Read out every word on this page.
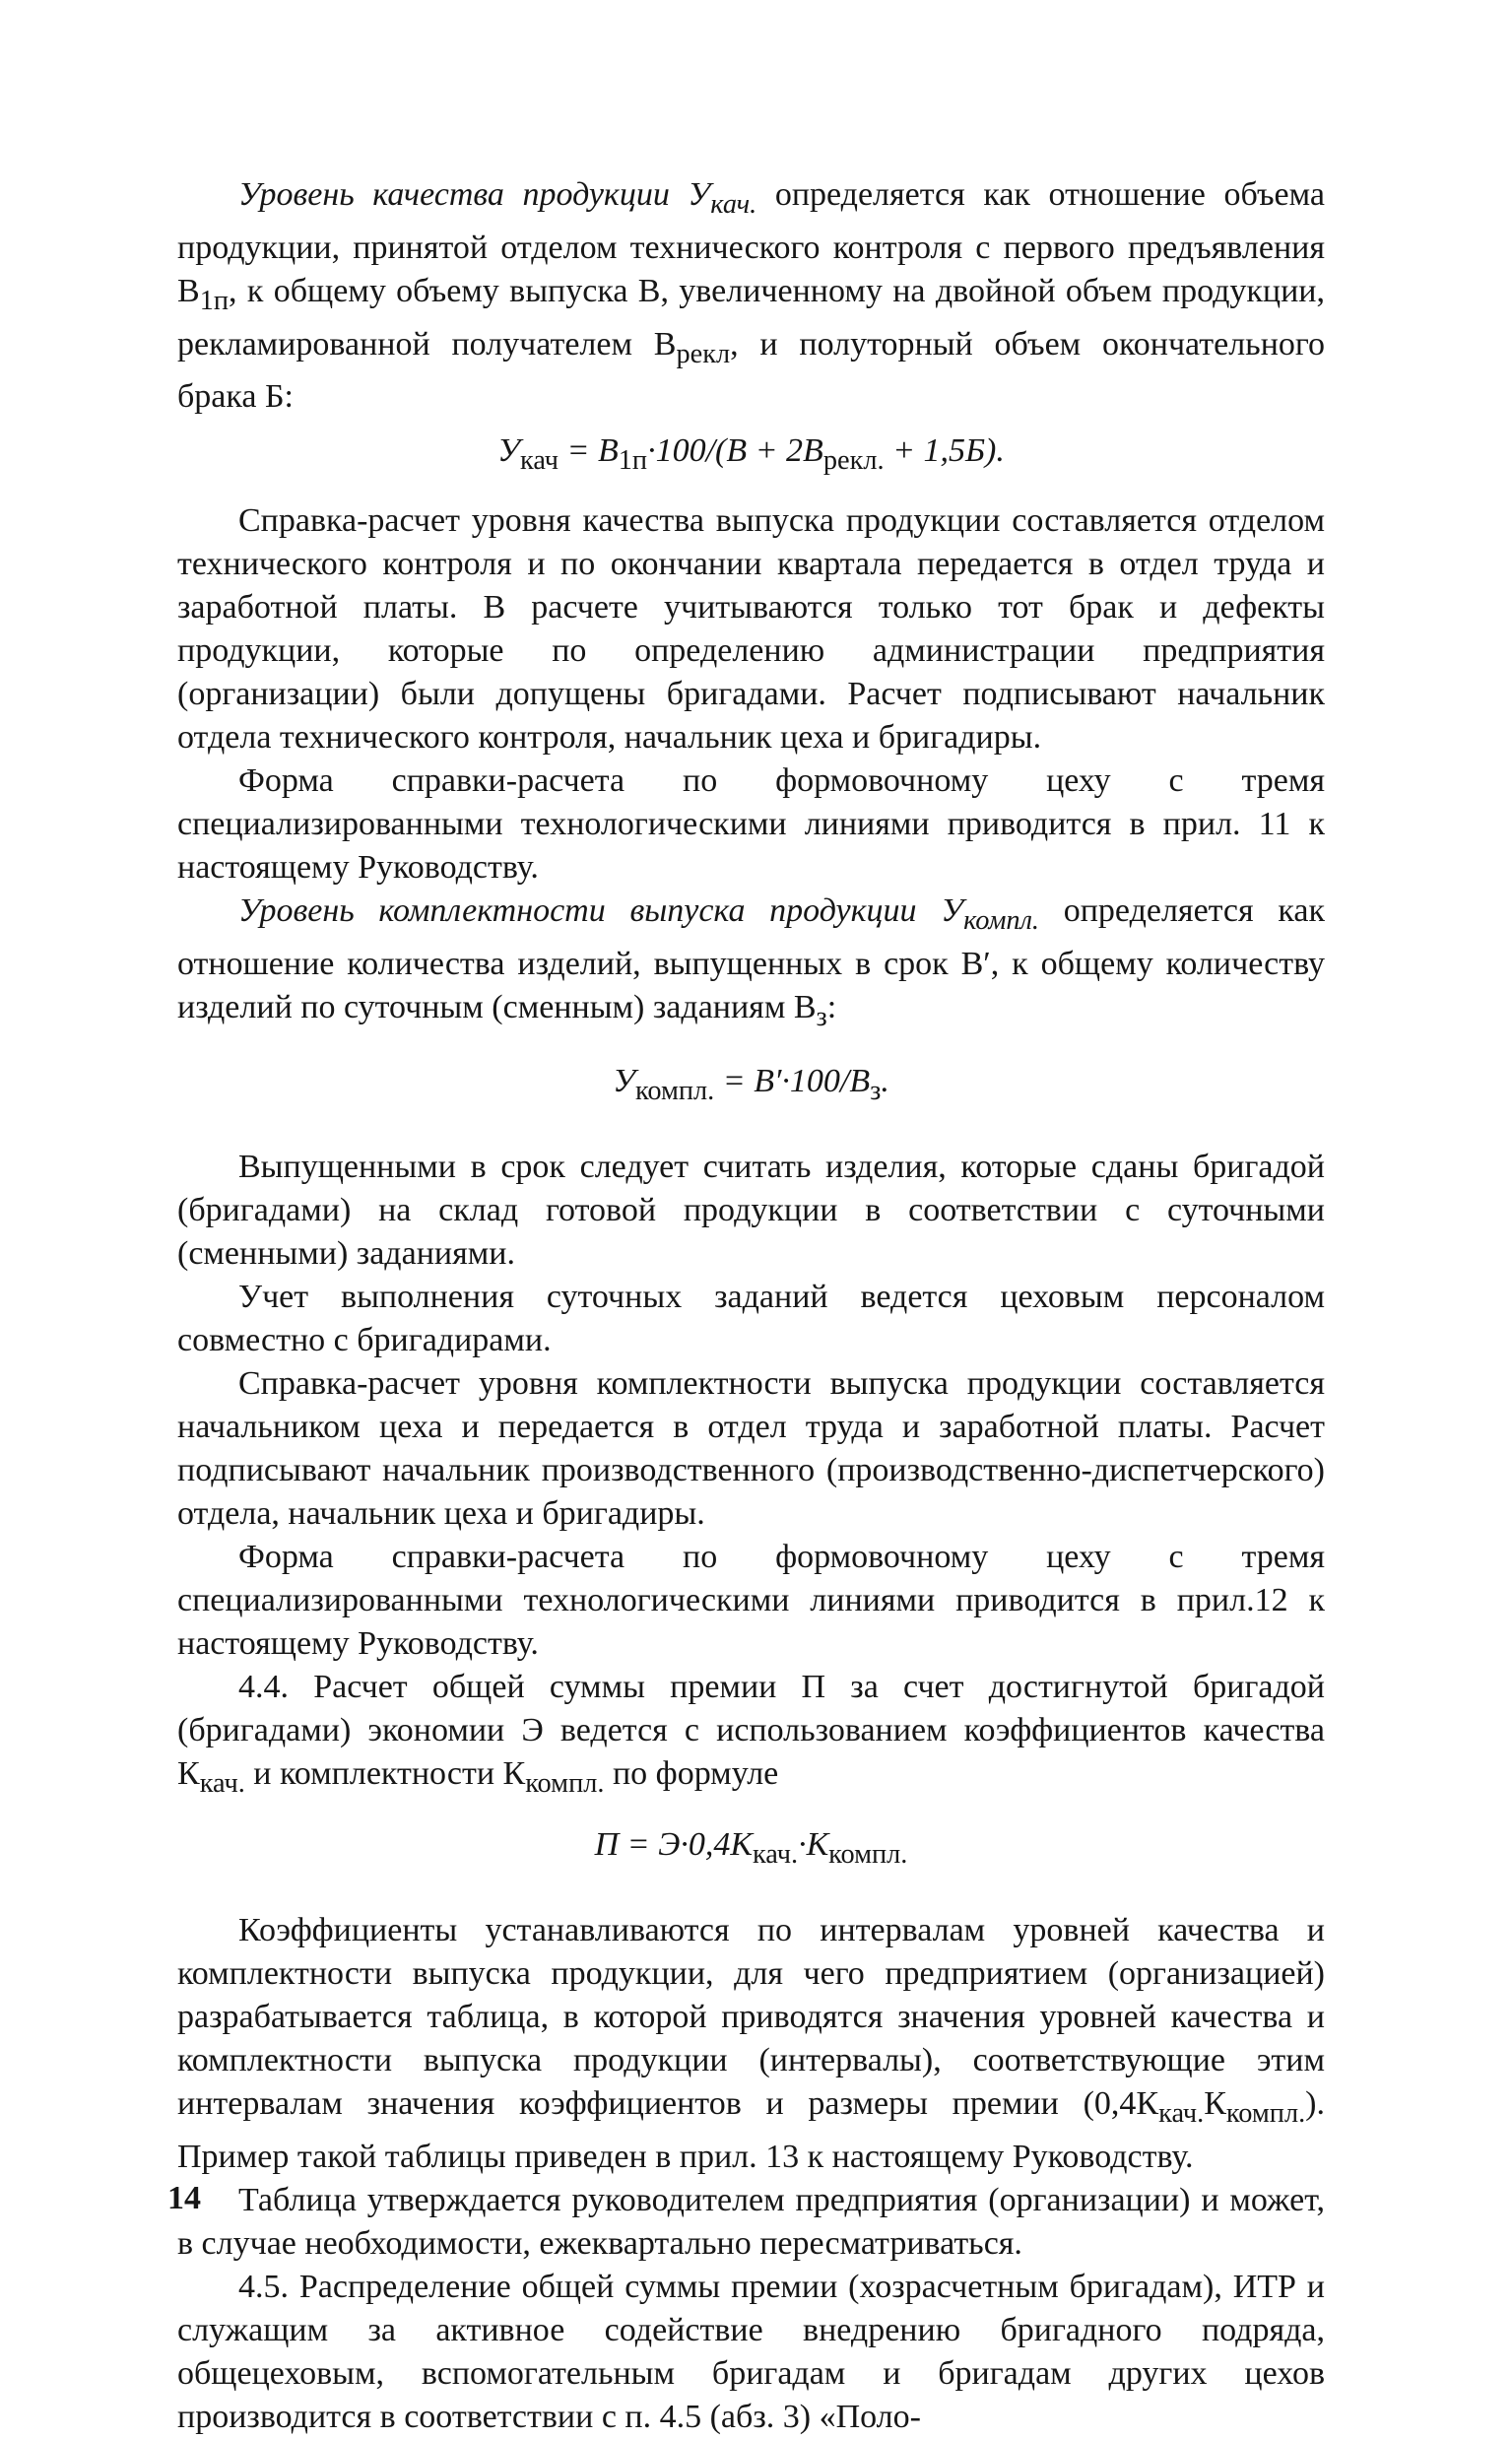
Уровень качества продукции $У_{кач.}$ определяется как отношение объема продукции, принятой отделом технического контроля с первого предъявления $В_{1п}$, к общему объему выпуска В, увеличенному на двойной объем продукции, рекламированной получателем $В_{рекл}$, и полуторный объем окончательного брака Б:

$У_{кач} = В_{1п}\cdot 100/(В + 2В_{рекл.} + 1,5Б)$.

Справка-расчет уровня качества выпуска продукции составляется отделом технического контроля и по окончании квартала передается в отдел труда и заработной платы. В расчете учитываются только тот брак и дефекты продукции, которые по определению администрации предприятия (организации) были допущены бригадами. Расчет подписывают начальник отдела технического контроля, начальник цеха и бригадиры.

Форма справки-расчета по формовочному цеху с тремя специализированными технологическими линиями приводится в прил. 11 к настоящему Руководству.

Уровень комплектности выпуска продукции $У_{компл.}$ определяется как отношение количества изделий, выпущенных в срок В′, к общему количеству изделий по суточным (сменным) заданиям $В_з$:

$У_{компл.} = В'\cdot 100/В_з$.

Выпущенными в срок следует считать изделия, которые сданы бригадой (бригадами) на склад готовой продукции в соответствии с суточными (сменными) заданиями.

Учет выполнения суточных заданий ведется цеховым персоналом совместно с бригадирами.

Справка-расчет уровня комплектности выпуска продукции составляется начальником цеха и передается в отдел труда и заработной платы. Расчет подписывают начальник производственного (производственно-диспетчерского) отдела, начальник цеха и бригадиры.

Форма справки-расчета по формовочному цеху с тремя специализированными технологическими линиями приводится в прил.12 к настоящему Руководству.

4.4. Расчет общей суммы премии П за счет достигнутой бригадой (бригадами) экономии Э ведется с использованием коэффициентов качества $К_{кач.}$ и комплектности $К_{компл.}$ по формуле

$П = Э\cdot 0,4К_{кач.}\cdot К_{компл.}$

Коэффициенты устанавливаются по интервалам уровней качества и комплектности выпуска продукции, для чего предприятием (организацией) разрабатывается таблица, в которой приводятся значения уровней качества и комплектности выпуска продукции (интервалы), соответствующие этим интервалам значения коэффициентов и размеры премии $(0,4К_{кач.}К_{компл.})$. Пример такой таблицы приведен в прил. 13 к настоящему Руководству.

Таблица утверждается руководителем предприятия (организации) и может, в случае необходимости, ежеквартально пересматриваться.

4.5. Распределение общей суммы премии (хозрасчетным бригадам), ИТР и служащим за активное содействие внедрению бригадного подряда, общецеховым, вспомогательным бригадам и бригадам других цехов производится в соответствии с п. 4.5 (абз. 3) «Поло-

14
